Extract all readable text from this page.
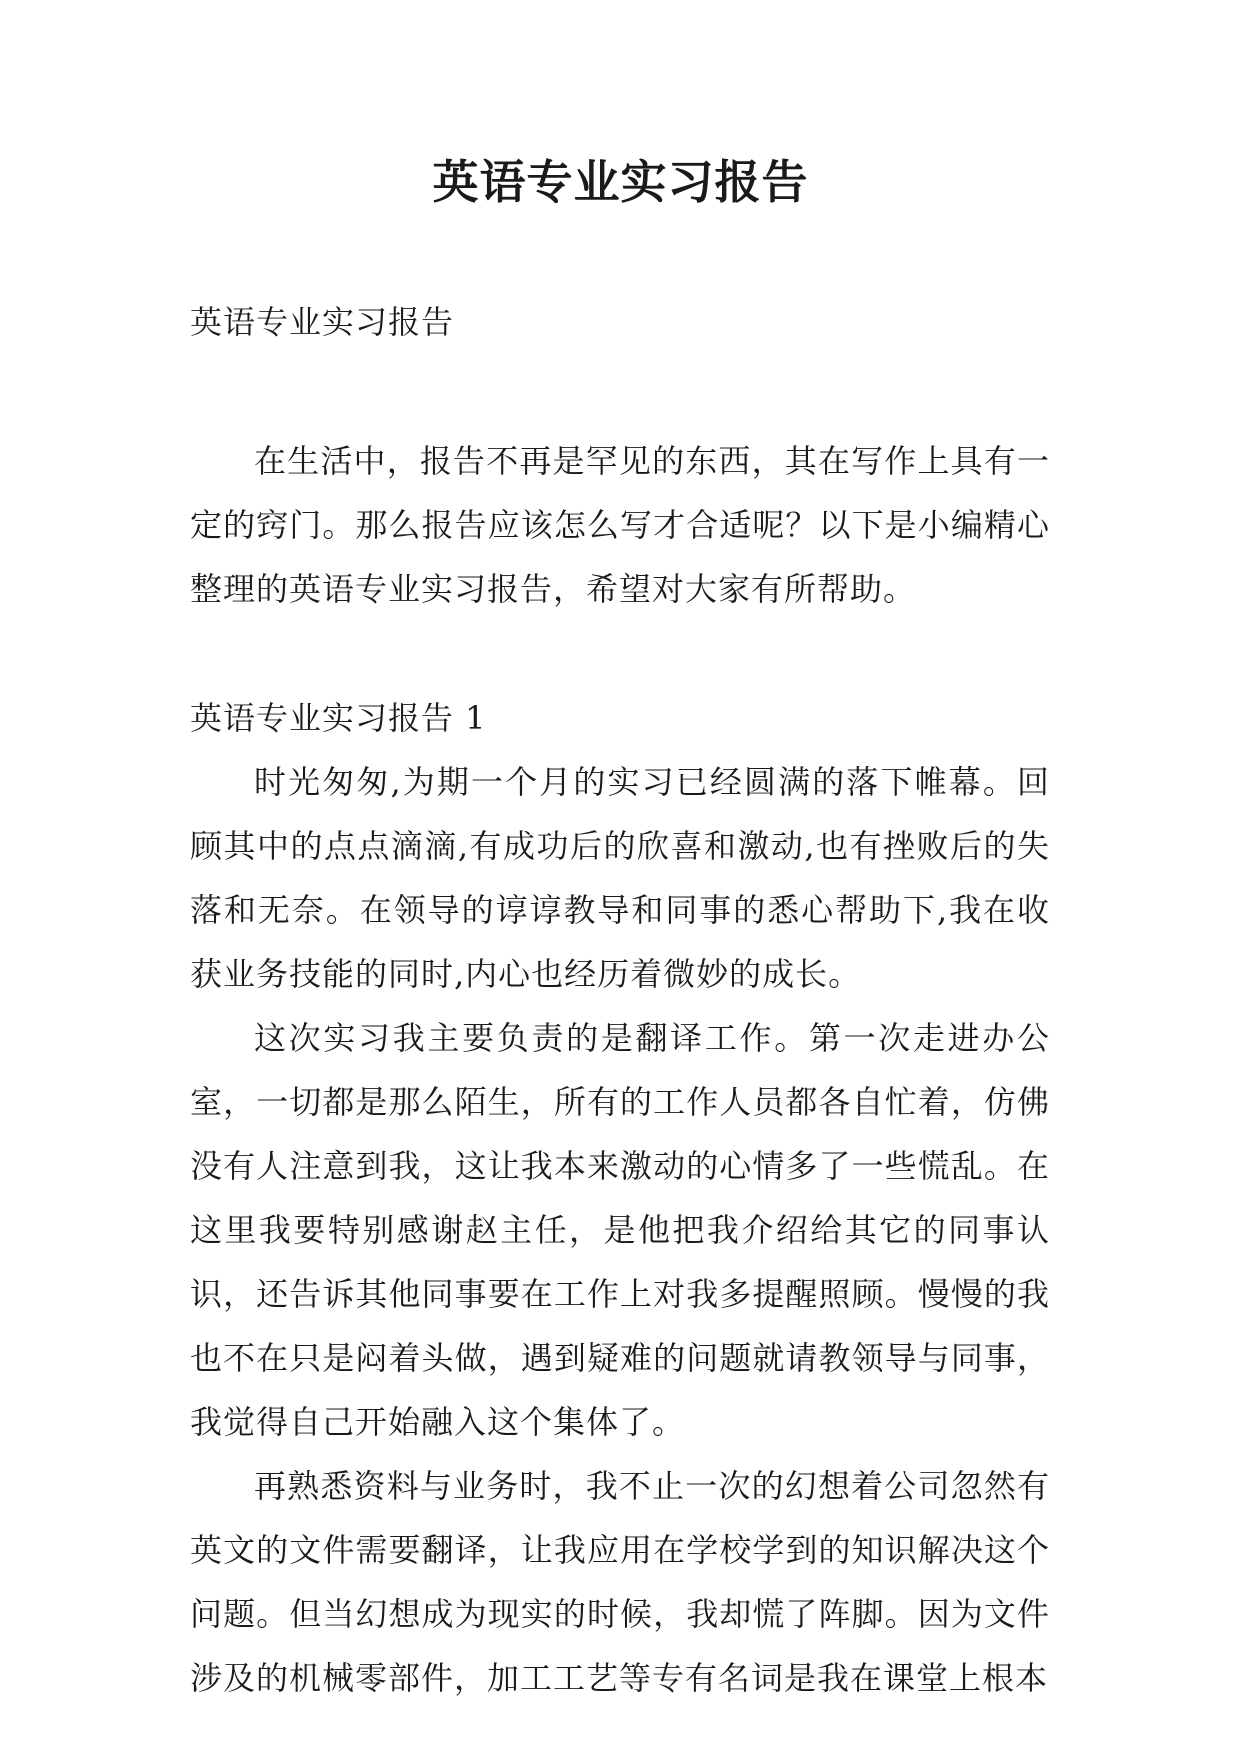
英语专业实习报告

英语专业实习报告

在生活中，报告不再是罕见的东西，其在写作上具有一定的窍门。那么报告应该怎么写才合适呢？以下是小编精心整理的英语专业实习报告，希望对大家有所帮助。

英语专业实习报告 1

时光匆匆,为期一个月的实习已经圆满的落下帷幕。回顾其中的点点滴滴,有成功后的欣喜和激动,也有挫败后的失落和无奈。在领导的谆谆教导和同事的悉心帮助下,我在收获业务技能的同时,内心也经历着微妙的成长。

这次实习我主要负责的是翻译工作。第一次走进办公室，一切都是那么陌生，所有的工作人员都各自忙着，仿佛没有人注意到我，这让我本来激动的心情多了一些慌乱。在这里我要特别感谢赵主任，是他把我介绍给其它的同事认识，还告诉其他同事要在工作上对我多提醒照顾。慢慢的我也不在只是闷着头做，遇到疑难的问题就请教领导与同事，我觉得自己开始融入这个集体了。

再熟悉资料与业务时，我不止一次的幻想着公司忽然有英文的文件需要翻译，让我应用在学校学到的知识解决这个问题。但当幻想成为现实的时候，我却慌了阵脚。因为文件涉及的机械零部件，加工工艺等专有名词是我在课堂上根本
